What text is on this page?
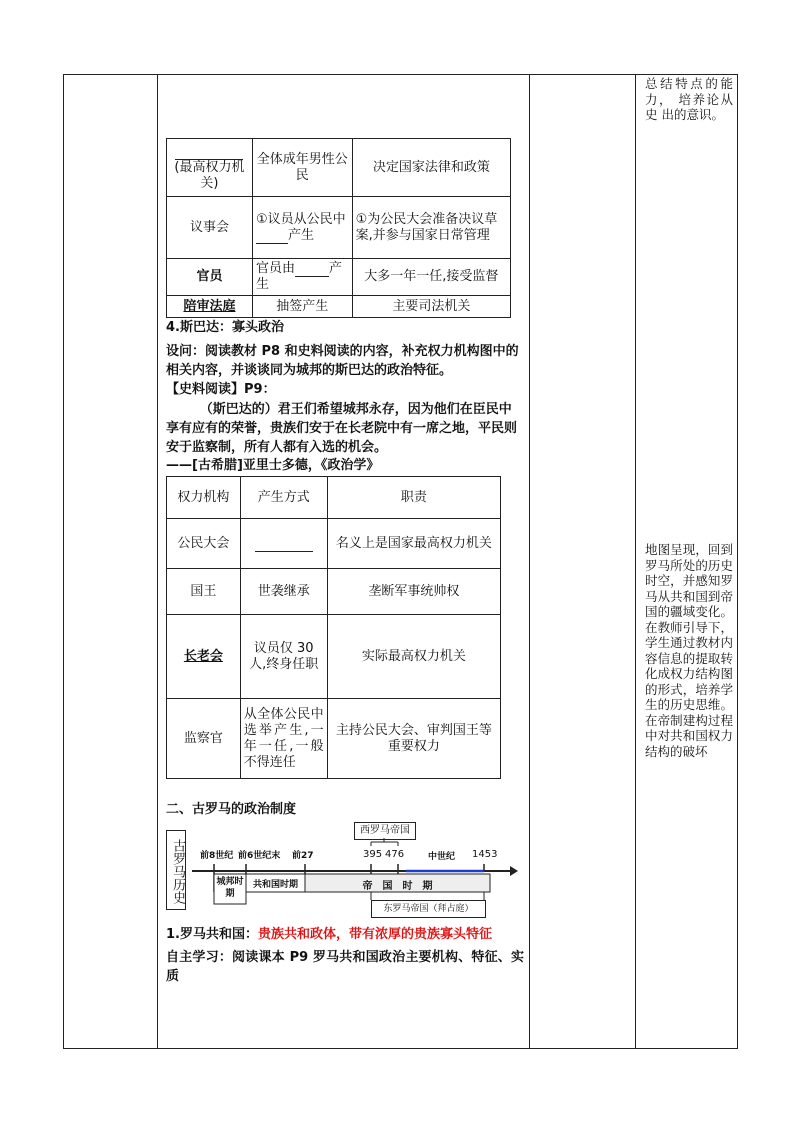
总结特点的能力， 培养论从史 出的意识。
地图呈现，回到罗马所处的历史时空，并感知罗马从共和国到帝国的疆域变化。在教师引导下，学生通过教材内容信息的提取转化成权力结构图的形式，培养学生的历史思维。在帝制建构过程中对共和国权力结构的破坏
(最高权力机关)	全体成年男性公民	决定国家法律和政策
议事会	①议员从公民中产生	①为公民大会准备决议草案,并参与国家日常管理
官员	官员由 产生	大多一年一任,接受监督
陪审法庭	抽签产生	主要司法机关
4.斯巴达：寡头政治
设问：阅读教材 P8 和史料阅读的内容，补充权力机构图中的相关内容，并谈谈同为城邦的斯巴达的政治特征。
【史料阅读】P9：
（斯巴达的）君王们希望城邦永存，因为他们在臣民中享有应有的荣誉，贵族们安于在长老院中有一席之地，平民则安于监察制，所有人都有入选的机会。
——[古希腊]亚里士多德，《政治学》
权力机构	产生方式	职责
公民大会		名义上是国家最高权力机关
国王	世袭继承	垄断军事统帅权
长老会	议员仅 30 人,终身任职	实际最高权力机关
监察官	从全体公民中选举产生,一年一任,一般不得连任	主持公民大会、审判国王等重要权力
二、古罗马的政治制度
古罗马历史
西罗马帝国
前8世纪 前6世纪末 前27	395 476	中世纪 1453
城邦时期
共和国时期	帝　国　时　期
东罗马帝国（拜占庭）
1.罗马共和国：贵族共和政体，带有浓厚的贵族寡头特征
自主学习：阅读课本 P9 罗马共和国政治主要机构、特征、实质
